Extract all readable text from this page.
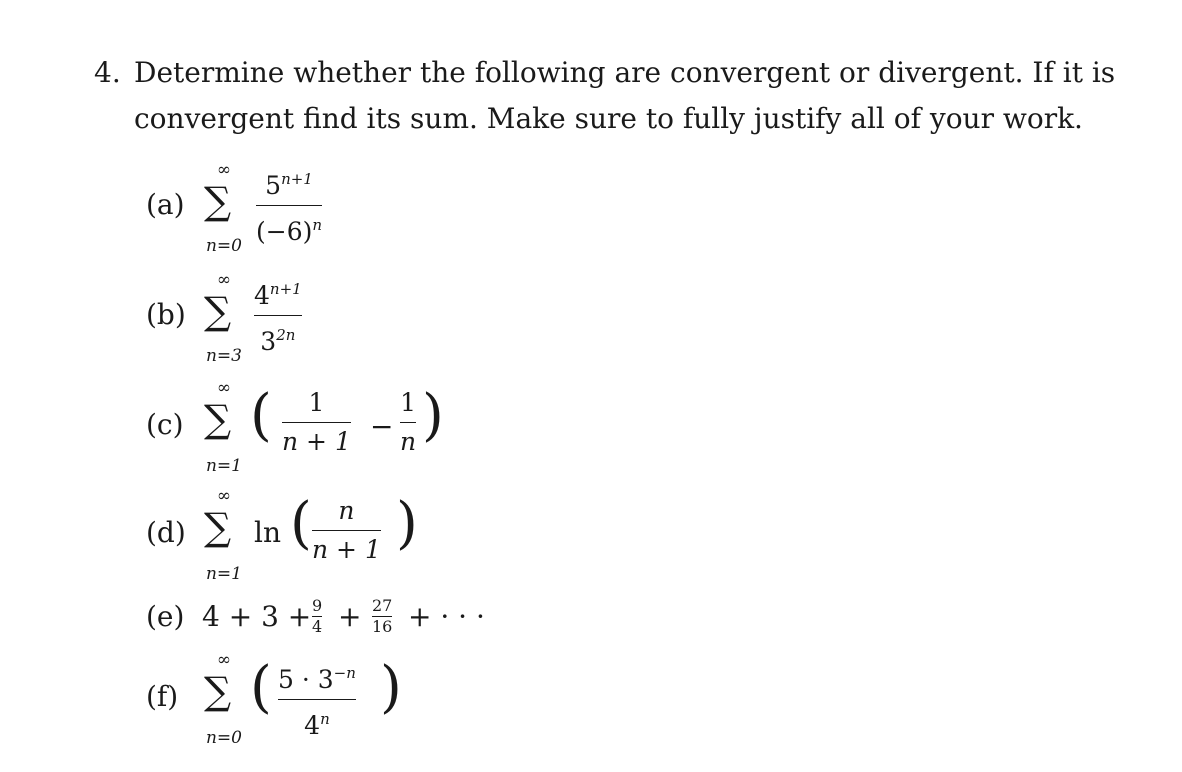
4. Determine whether the following are convergent or divergent. If it is
convergent find its sum. Make sure to fully justify all of your work.
(a)
∞
∑
n=0
$5^{n+1}$
$(-6)^n$
(b)
∞
∑
n=3
$4^{n+1}$
$3^{2n}$
(c)
∞
∑
n=1
( 1
n + 1 −
1
n )
(d)
∞
∑
n=1
ln ( n
n + 1 )
(e) 4 + 3 + 9
4 + 27
16 + · · ·
(f)
∞
∑
n=0
( $5 \cdot 3^{-n}$
4$^n$ )
